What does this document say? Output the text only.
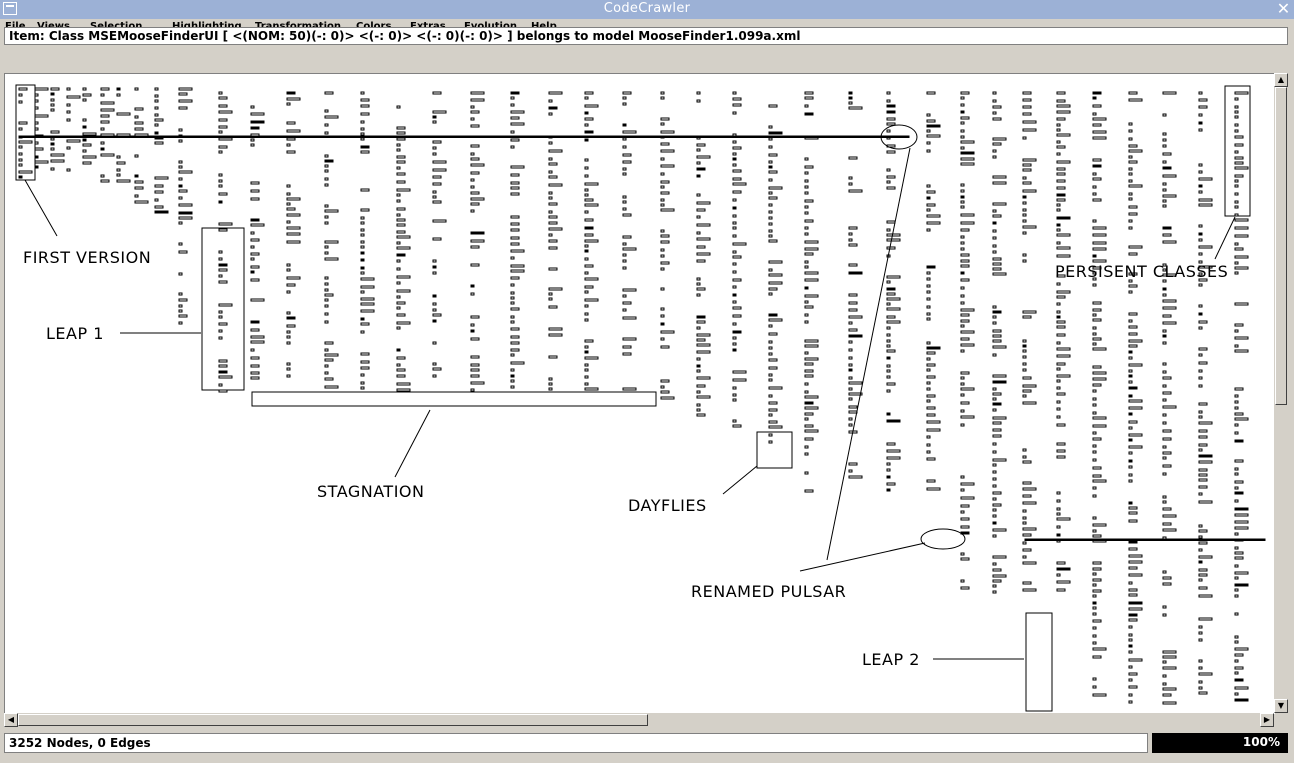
CodeCrawler	✕
Item: Class MSEMooseFinderUI [ <(NOM: 50)(-: 0)> <(-: 0)> <(-: 0)(-: 0)> ] belongs to model MooseFinder1.099a.xml
FIRST VERSION
LEAP 1
STAGNATION
DAYFLIES
RENAMED PULSAR
PERSISENT CLASSES
LEAP 2
▲
▼
◀	▶
3252 Nodes, 0 Edges	100%
